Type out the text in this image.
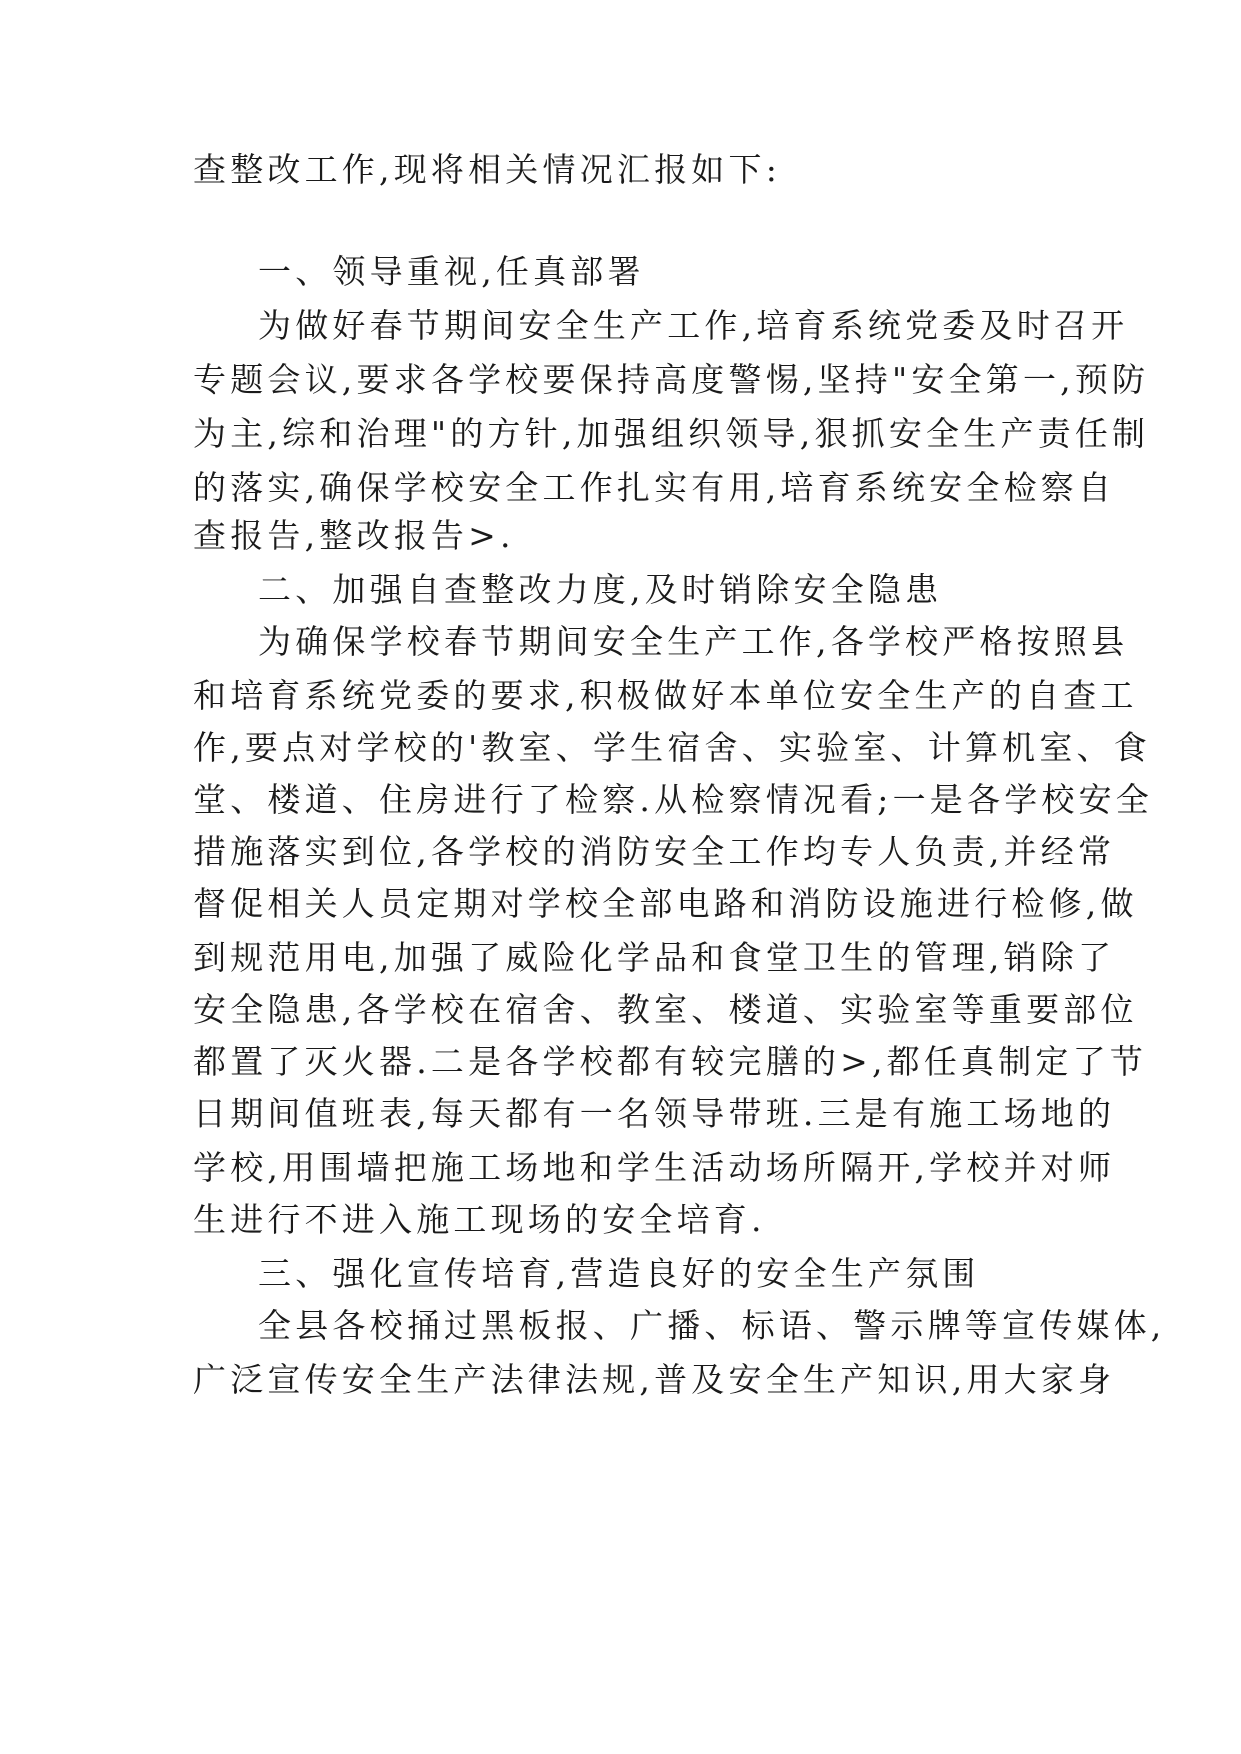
查整改工作,现将相关情况汇报如下:
一、领导重视,任真部署
为做好春节期间安全生产工作,培育系统党委及时召开
专题会议,要求各学校要保持高度警惕,坚持"安全第一,预防
为主,综和治理"的方针,加强组织领导,狠抓安全生产责任制
的落实,确保学校安全工作扎实有用,培育系统安全检察自
查报告,整改报告>.
二、加强自查整改力度,及时销除安全隐患
为确保学校春节期间安全生产工作,各学校严格按照县
和培育系统党委的要求,积极做好本单位安全生产的自查工
作,要点对学校的'教室、学生宿舍、实验室、计算机室、食
堂、楼道、住房进行了检察.从检察情况看;一是各学校安全
措施落实到位,各学校的消防安全工作均专人负责,并经常
督促相关人员定期对学校全部电路和消防设施进行检修,做
到规范用电,加强了威险化学品和食堂卫生的管理,销除了
安全隐患,各学校在宿舍、教室、楼道、实验室等重要部位
都置了灭火器.二是各学校都有较完膳的>,都任真制定了节
日期间值班表,每天都有一名领导带班.三是有施工场地的
学校,用围墙把施工场地和学生活动场所隔开,学校并对师
生进行不进入施工现场的安全培育.
三、强化宣传培育,营造良好的安全生产氛围
全县各校捅过黑板报、广播、标语、警示牌等宣传媒体,
广泛宣传安全生产法律法规,普及安全生产知识,用大家身
